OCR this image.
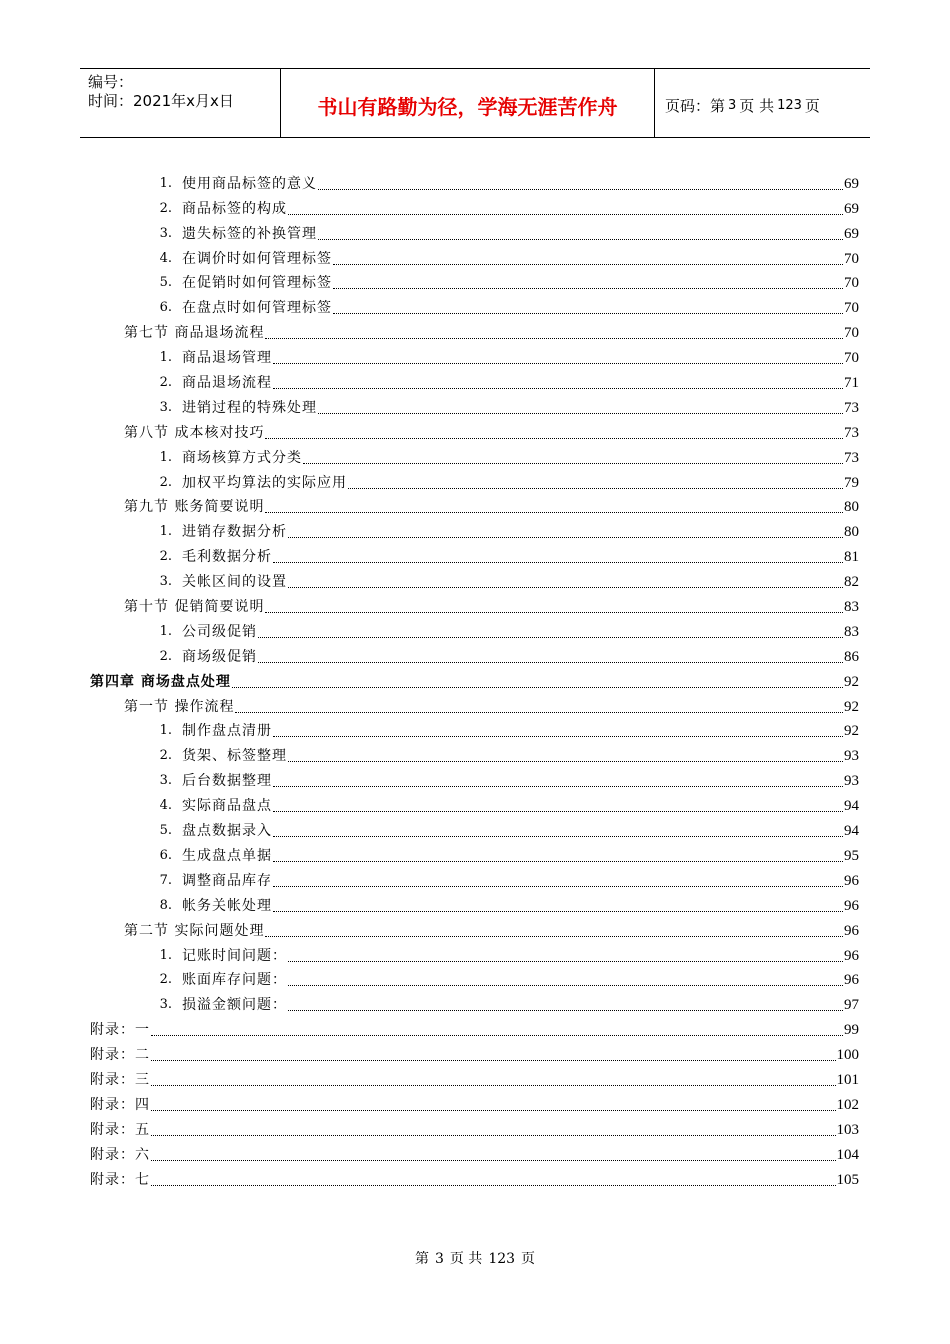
编号：
时间：2021年x月x日	书山有路勤为径，学海无涯苦作舟	页码：第 3 页 共 123 页
1. 使用商品标签的意义	69
2. 商品标签的构成	69
3. 遗失标签的补换管理	69
4. 在调价时如何管理标签	70
5. 在促销时如何管理标签	70
6. 在盘点时如何管理标签	70
第七节 商品退场流程	70
1. 商品退场管理	70
2. 商品退场流程	71
3. 进销过程的特殊处理	73
第八节 成本核对技巧	73
1. 商场核算方式分类	73
2. 加权平均算法的实际应用	79
第九节 账务简要说明	80
1. 进销存数据分析	80
2. 毛利数据分析	81
3. 关帐区间的设置	82
第十节 促销简要说明	83
1. 公司级促销	83
2. 商场级促销	86
第四章 商场盘点处理	92
第一节 操作流程	92
1. 制作盘点清册	92
2. 货架、标签整理	93
3. 后台数据整理	93
4. 实际商品盘点	94
5. 盘点数据录入	94
6. 生成盘点单据	95
7. 调整商品库存	96
8. 帐务关帐处理	96
第二节 实际问题处理	96
1. 记账时间问题：	96
2. 账面库存问题：	96
3. 损溢金额问题：	97
附录：一	99
附录：二	100
附录：三	101
附录：四	102
附录：五	103
附录：六	104
附录：七	105
第 3 页 共 123 页
